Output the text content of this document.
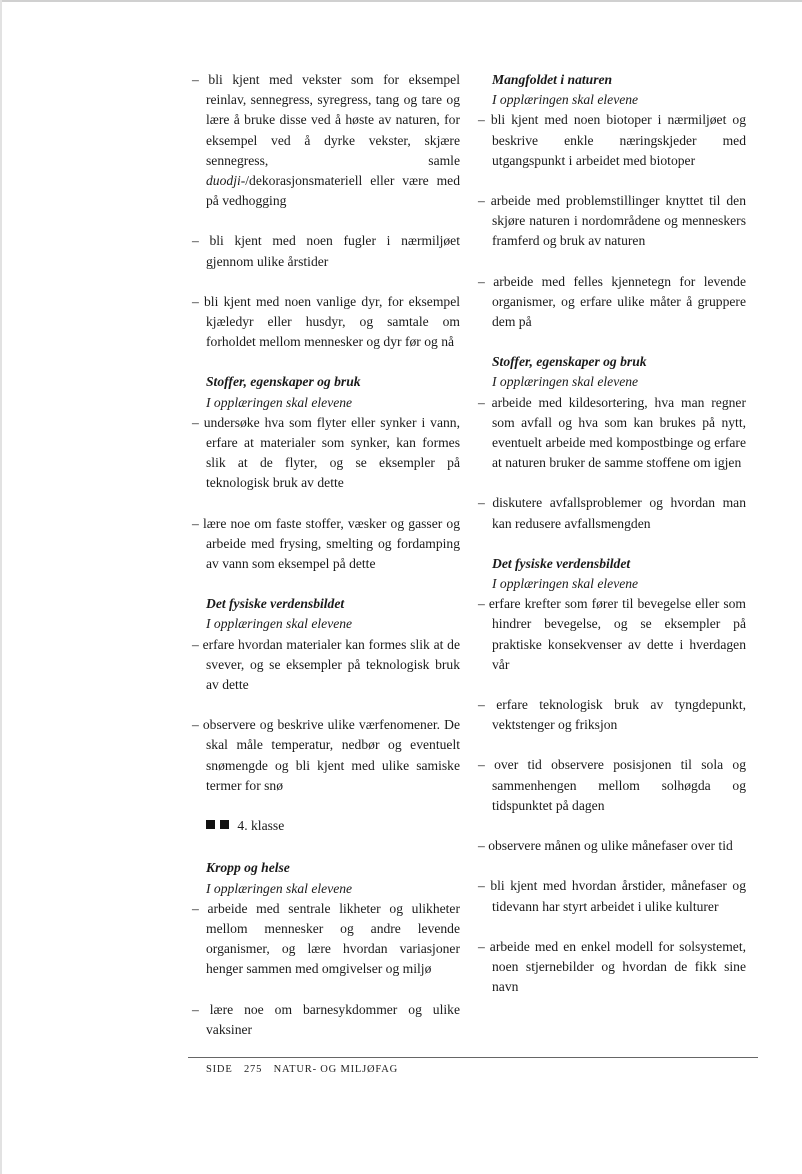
– bli kjent med vekster som for eksempel reinlav, sennegress, syregress, tang og tare og lære å bruke disse ved å høste av naturen, for eksempel ved å dyrke vekster, skjære sennegress, samle duodji-/dekorasjonsmateriell eller være med på vedhogging

– bli kjent med noen fugler i nærmiljøet gjennom ulike årstider

– bli kjent med noen vanlige dyr, for eksempel kjæledyr eller husdyr, og samtale om forholdet mellom mennesker og dyr før og nå

Stoffer, egenskaper og bruk
I opplæringen skal elevene

– undersøke hva som flyter eller synker i vann, erfare at materialer som synker, kan formes slik at de flyter, og se eksempler på teknologisk bruk av dette

– lære noe om faste stoffer, væsker og gasser og arbeide med frysing, smelting og fordamping av vann som eksempel på dette

Det fysiske verdensbildet
I opplæringen skal elevene

– erfare hvordan materialer kan formes slik at de svever, og se eksempler på teknologisk bruk av dette

– observere og beskrive ulike værfenomener. De skal måle temperatur, nedbør og eventuelt snømengde og bli kjent med ulike samiske termer for snø

4. klasse
Kropp og helse
I opplæringen skal elevene

– arbeide med sentrale likheter og ulikheter mellom mennesker og andre levende organismer, og lære hvordan variasjoner henger sammen med omgivelser og miljø

– lære noe om barnesykdommer og ulike vaksiner

Mangfoldet i naturen
I opplæringen skal elevene

– bli kjent med noen biotoper i nærmiljøet og beskrive enkle næringskjeder med utgangspunkt i arbeidet med biotoper

– arbeide med problemstillinger knyttet til den skjøre naturen i nordområdene og menneskers framferd og bruk av naturen

– arbeide med felles kjennetegn for levende organismer, og erfare ulike måter å gruppere dem på

Stoffer, egenskaper og bruk
I opplæringen skal elevene

– arbeide med kildesortering, hva man regner som avfall og hva som kan brukes på nytt, eventuelt arbeide med kompostbinge og erfare at naturen bruker de samme stoffene om igjen

– diskutere avfallsproblemer og hvordan man kan redusere avfallsmengden

Det fysiske verdensbildet
I opplæringen skal elevene

– erfare krefter som fører til bevegelse eller som hindrer bevegelse, og se eksempler på praktiske konsekvenser av dette i hverdagen vår

– erfare teknologisk bruk av tyngdepunkt, vektstenger og friksjon

– over tid observere posisjonen til sola og sammenhengen mellom solhøgda og tidspunktet på dagen

– observere månen og ulike månefaser over tid

– bli kjent med hvordan årstider, månefaser og tidevann har styrt arbeidet i ulike kulturer

– arbeide med en enkel modell for solsystemet, noen stjernebilder og hvordan de fikk sine navn

SIDE 275 NATUR- OG MILJØFAG
